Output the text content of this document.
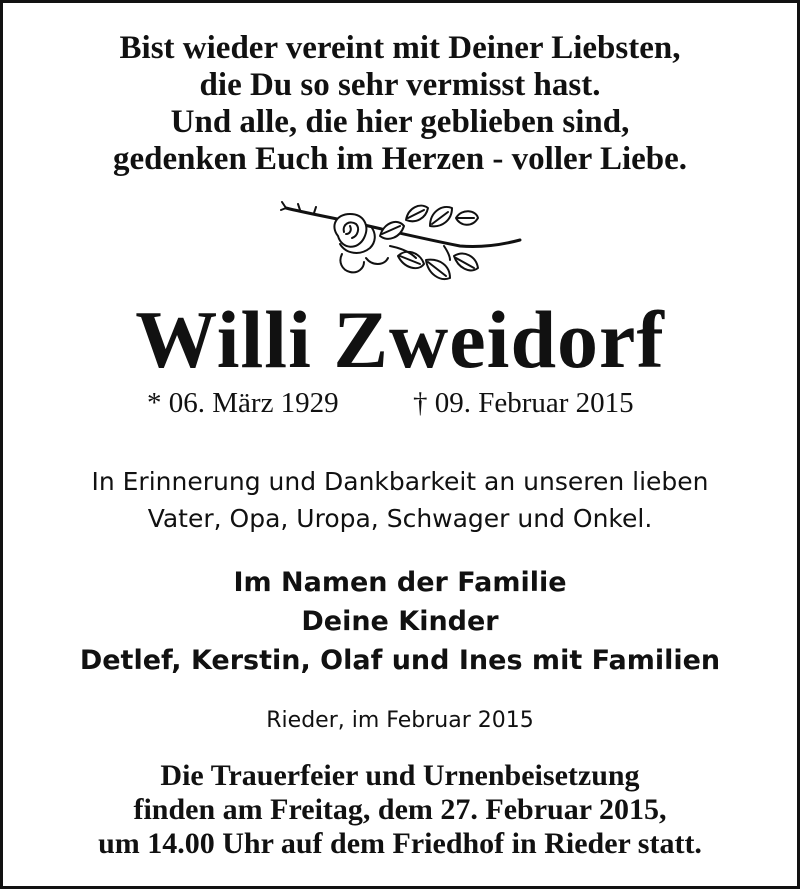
Bist wieder vereint mit Deiner Liebsten,
die Du so sehr vermisst hast.
Und alle, die hier geblieben sind,
gedenken Euch im Herzen - voller Liebe.
Willi Zweidorf
* 06. März 1929	† 09. Februar 2015
In Erinnerung und Dankbarkeit an unseren lieben
Vater, Opa, Uropa, Schwager und Onkel.
Im Namen der Familie
Deine Kinder
Detlef, Kerstin, Olaf und Ines mit Familien
Rieder, im Februar 2015
Die Trauerfeier und Urnenbeisetzung
finden am Freitag, dem 27. Februar 2015,
um 14.00 Uhr auf dem Friedhof in Rieder statt.
